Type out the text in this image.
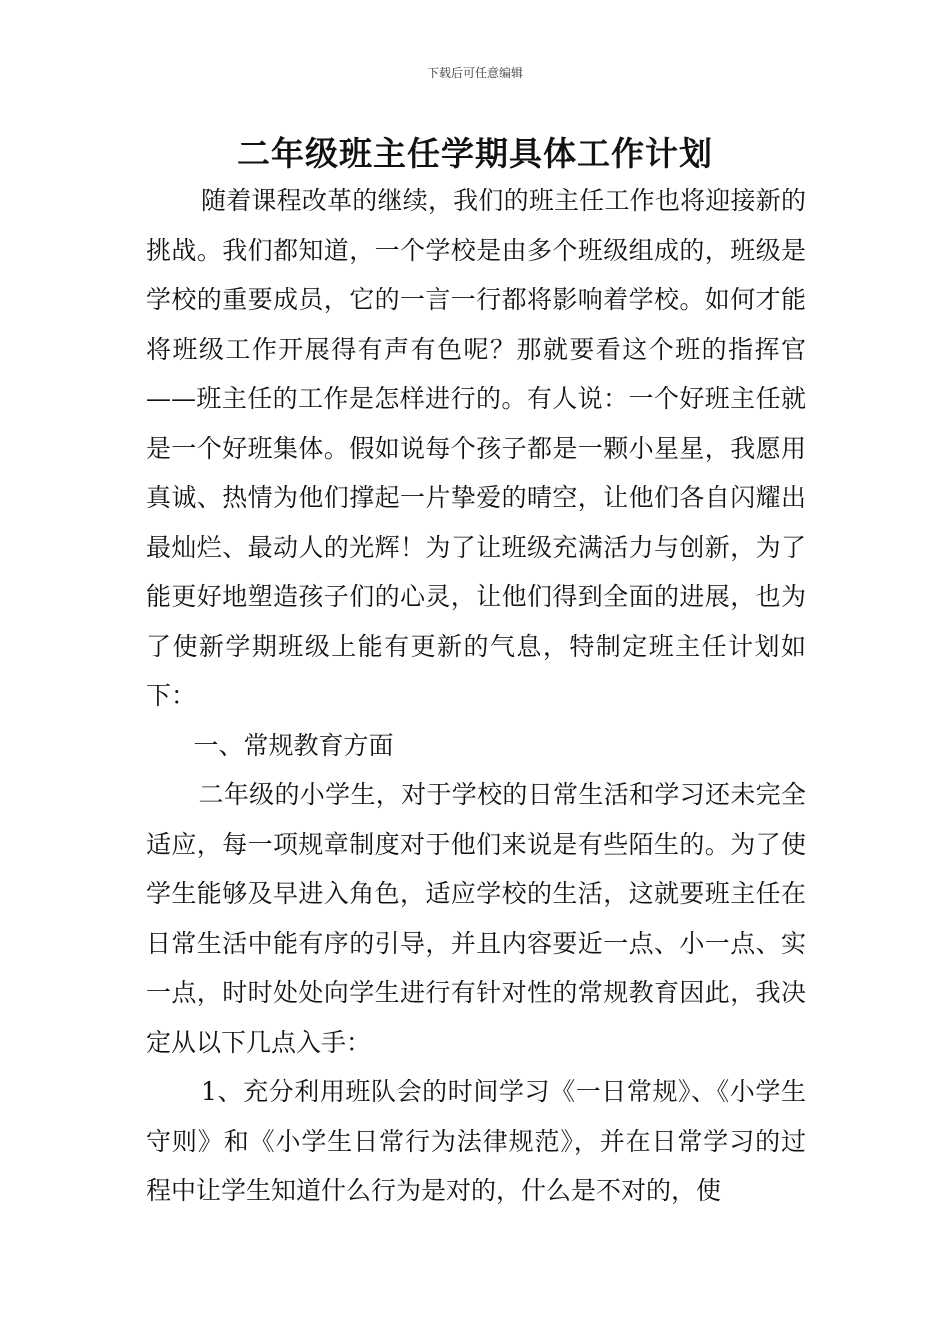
下载后可任意编辑
二年级班主任学期具体工作计划

随着课程改革的继续，我们的班主任工作也将迎接新的挑战。我们都知道，一个学校是由多个班级组成的，班级是学校的重要成员，它的一言一行都将影响着学校。如何才能将班级工作开展得有声有色呢？那就要看这个班的指挥官——班主任的工作是怎样进行的。有人说：一个好班主任就是一个好班集体。假如说每个孩子都是一颗小星星，我愿用真诚、热情为他们撑起一片挚爱的晴空，让他们各自闪耀出最灿烂、最动人的光辉！为了让班级充满活力与创新，为了能更好地塑造孩子们的心灵，让他们得到全面的进展，也为了使新学期班级上能有更新的气息，特制定班主任计划如下：

一、常规教育方面

二年级的小学生，对于学校的日常生活和学习还未完全适应，每一项规章制度对于他们来说是有些陌生的。为了使学生能够及早进入角色，适应学校的生活，这就要班主任在日常生活中能有序的引导，并且内容要近一点、小一点、实一点，时时处处向学生进行有针对性的常规教育因此，我决定从以下几点入手：

1、充分利用班队会的时间学习《一日常规》、《小学生守则》和《小学生日常行为法律规范》，并在日常学习的过程中让学生知道什么行为是对的，什么是不对的，使
